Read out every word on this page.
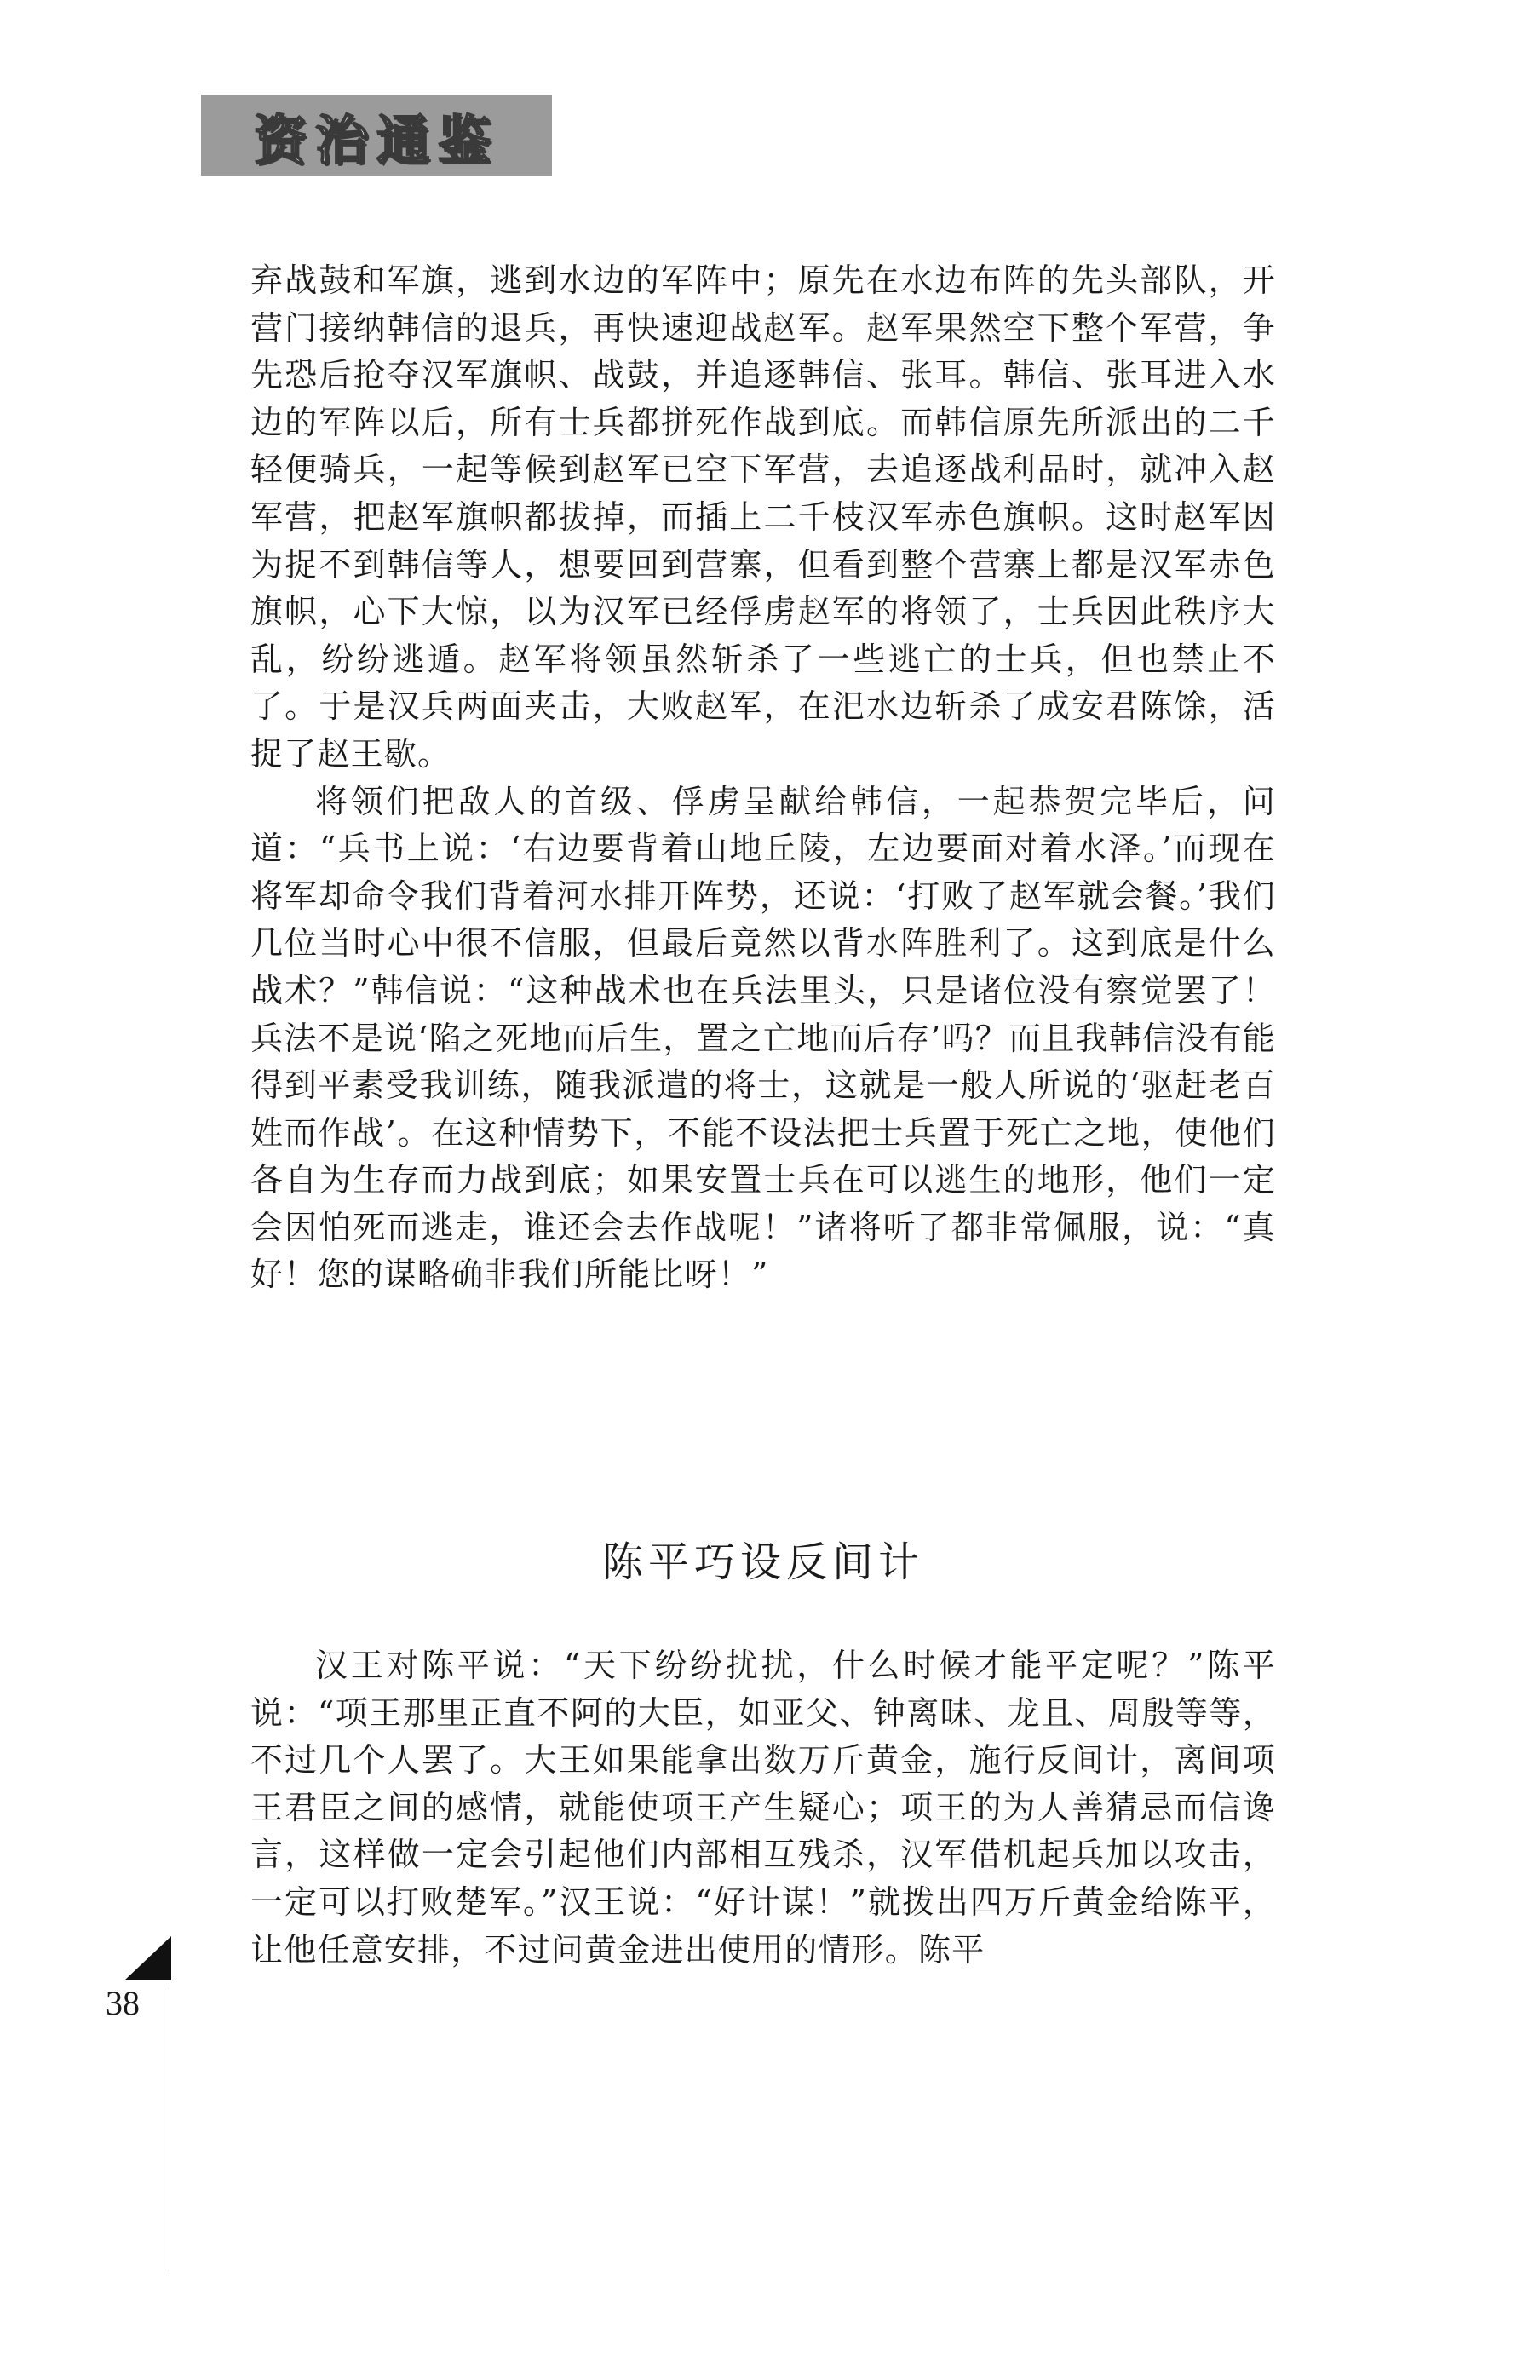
资治通鉴

弃战鼓和军旗，逃到水边的军阵中；原先在水边布阵的先头部队，开营门接纳韩信的退兵，再快速迎战赵军。赵军果然空下整个军营，争先恐后抢夺汉军旗帜、战鼓，并追逐韩信、张耳。韩信、张耳进入水边的军阵以后，所有士兵都拼死作战到底。而韩信原先所派出的二千轻便骑兵，一起等候到赵军已空下军营，去追逐战利品时，就冲入赵军营，把赵军旗帜都拔掉，而插上二千枝汉军赤色旗帜。这时赵军因为捉不到韩信等人，想要回到营寨，但看到整个营寨上都是汉军赤色旗帜，心下大惊，以为汉军已经俘虏赵军的将领了，士兵因此秩序大乱，纷纷逃遁。赵军将领虽然斩杀了一些逃亡的士兵，但也禁止不了。于是汉兵两面夹击，大败赵军，在汜水边斩杀了成安君陈馀，活捉了赵王歇。

将领们把敌人的首级、俘虏呈献给韩信，一起恭贺完毕后，问道：“兵书上说：‘右边要背着山地丘陵，左边要面对着水泽。’而现在将军却命令我们背着河水排开阵势，还说：‘打败了赵军就会餐。’我们几位当时心中很不信服，但最后竟然以背水阵胜利了。这到底是什么战术？”韩信说：“这种战术也在兵法里头，只是诸位没有察觉罢了！兵法不是说‘陷之死地而后生，置之亡地而后存’吗？而且我韩信没有能得到平素受我训练，随我派遣的将士，这就是一般人所说的‘驱赶老百姓而作战’。在这种情势下，不能不设法把士兵置于死亡之地，使他们各自为生存而力战到底；如果安置士兵在可以逃生的地形，他们一定会因怕死而逃走，谁还会去作战呢！”诸将听了都非常佩服，说：“真好！您的谋略确非我们所能比呀！”

陈平巧设反间计

汉王对陈平说：“天下纷纷扰扰，什么时候才能平定呢？”陈平说：“项王那里正直不阿的大臣，如亚父、钟离昧、龙且、周殷等等，不过几个人罢了。大王如果能拿出数万斤黄金，施行反间计，离间项王君臣之间的感情，就能使项王产生疑心；项王的为人善猜忌而信谗言，这样做一定会引起他们内部相互残杀，汉军借机起兵加以攻击，一定可以打败楚军。”汉王说：“好计谋！”就拨出四万斤黄金给陈平，让他任意安排，不过问黄金进出使用的情形。陈平

38
